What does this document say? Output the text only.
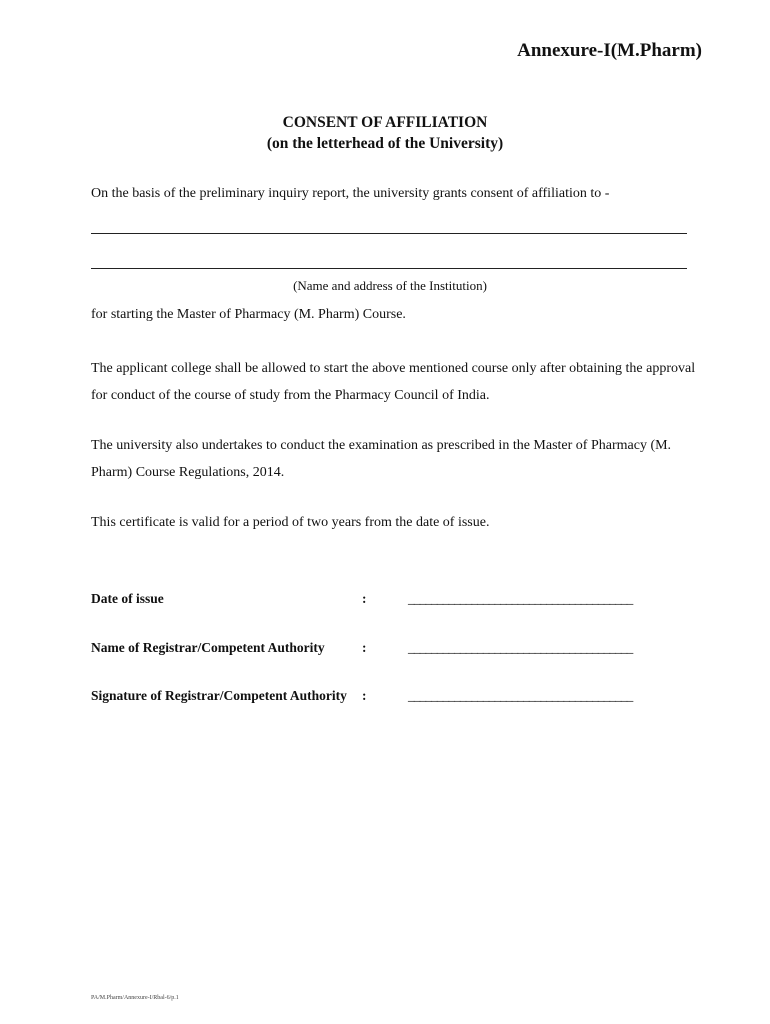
Annexure-I(M.Pharm)
CONSENT OF AFFILIATION
(on the letterhead of the University)
On the basis of the preliminary inquiry report, the university grants consent of affiliation to -
(Name and address of the Institution)
for starting the Master of Pharmacy (M. Pharm) Course.
The applicant college shall be allowed to start the above mentioned course only after obtaining the approval for conduct of the course of study from the Pharmacy Council of India.
The university also undertakes to conduct the examination as prescribed in the Master of Pharmacy (M. Pharm) Course Regulations, 2014.
This certificate is valid for a period of two years from the date of issue.
Date of issue	:	_______________________________________
Name of Registrar/Competent Authority	:	_______________________________________
Signature of Registrar/Competent Authority :	_______________________________________
PA/M.Pharm/Annexure-I/Rbal-6/p.1
